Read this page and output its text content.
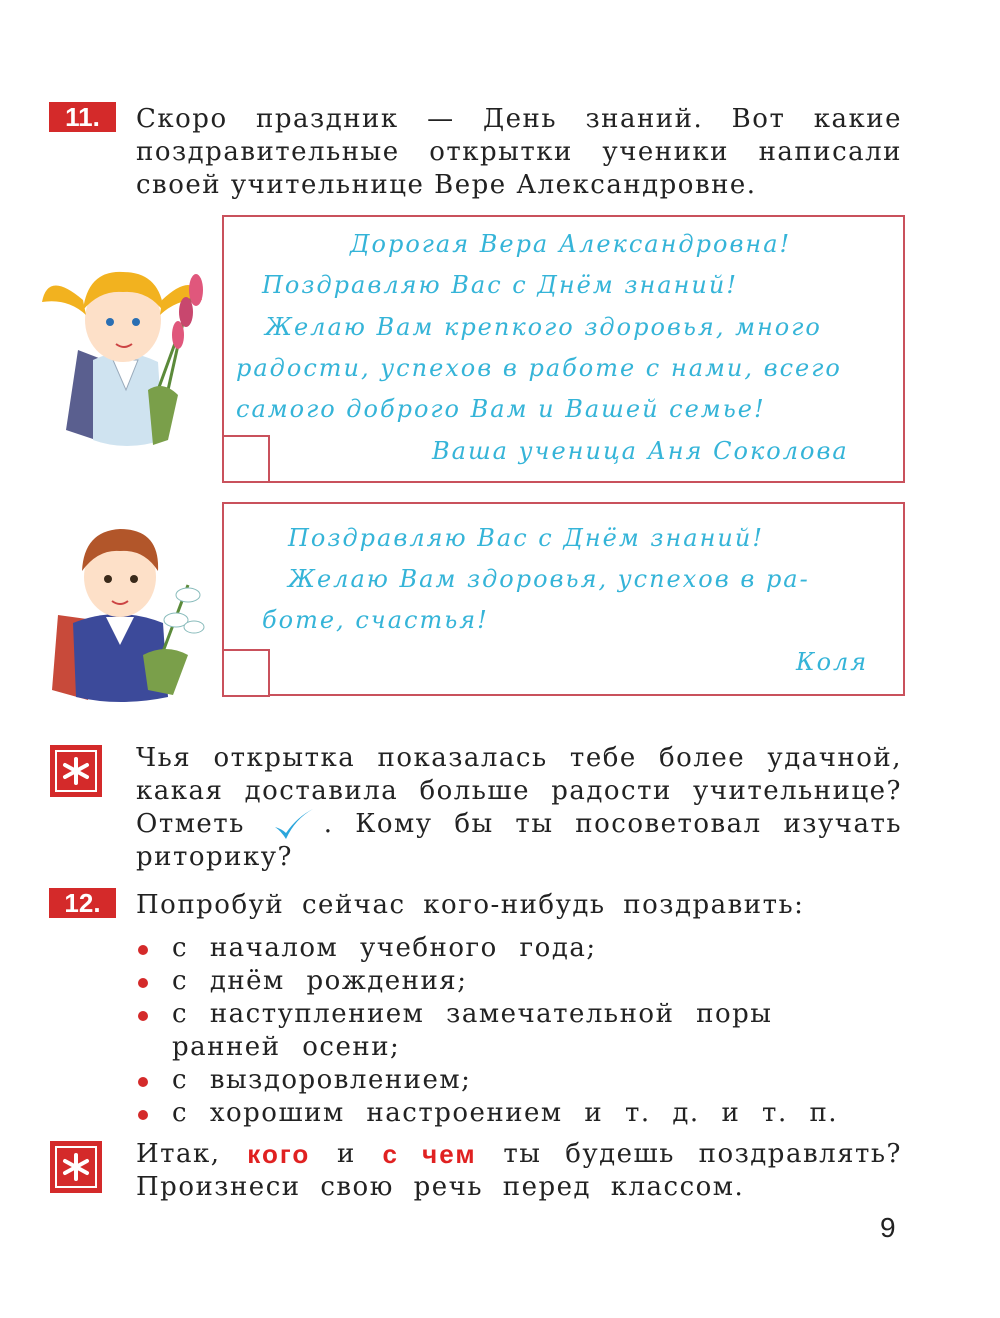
11.	Скоро праздник — День знаний. Вот какие
поздравительные открытки ученики написали
своей учительнице Вере Александровне.
Дорогая Вера Александровна!
Поздравляю Вас с Днём знаний!
Желаю Вам крепкого здоровья, много
радости, успехов в работе с нами, всего
самого доброго Вам и Вашей семье!
Ваша ученица Аня Соколова
Поздравляю Вас с Днём знаний!
Желаю Вам здоровья, успехов в ра-
боте, счастья!
Коля
Чья открытка показалась тебе более удачной,
какая доставила больше радости учительнице?
Отметь	. Кому бы ты посоветовал изучать
риторику?
12.	Попробуй сейчас кого-нибудь поздравить:
с началом учебного года;
с днём рождения;
с наступлением замечательной поры ранней осени;
с выздоровлением;
с хорошим настроением и т. д. и т. п.
Итак, кого и с чем ты будешь поздравлять?
Произнеси свою речь перед классом.
9
